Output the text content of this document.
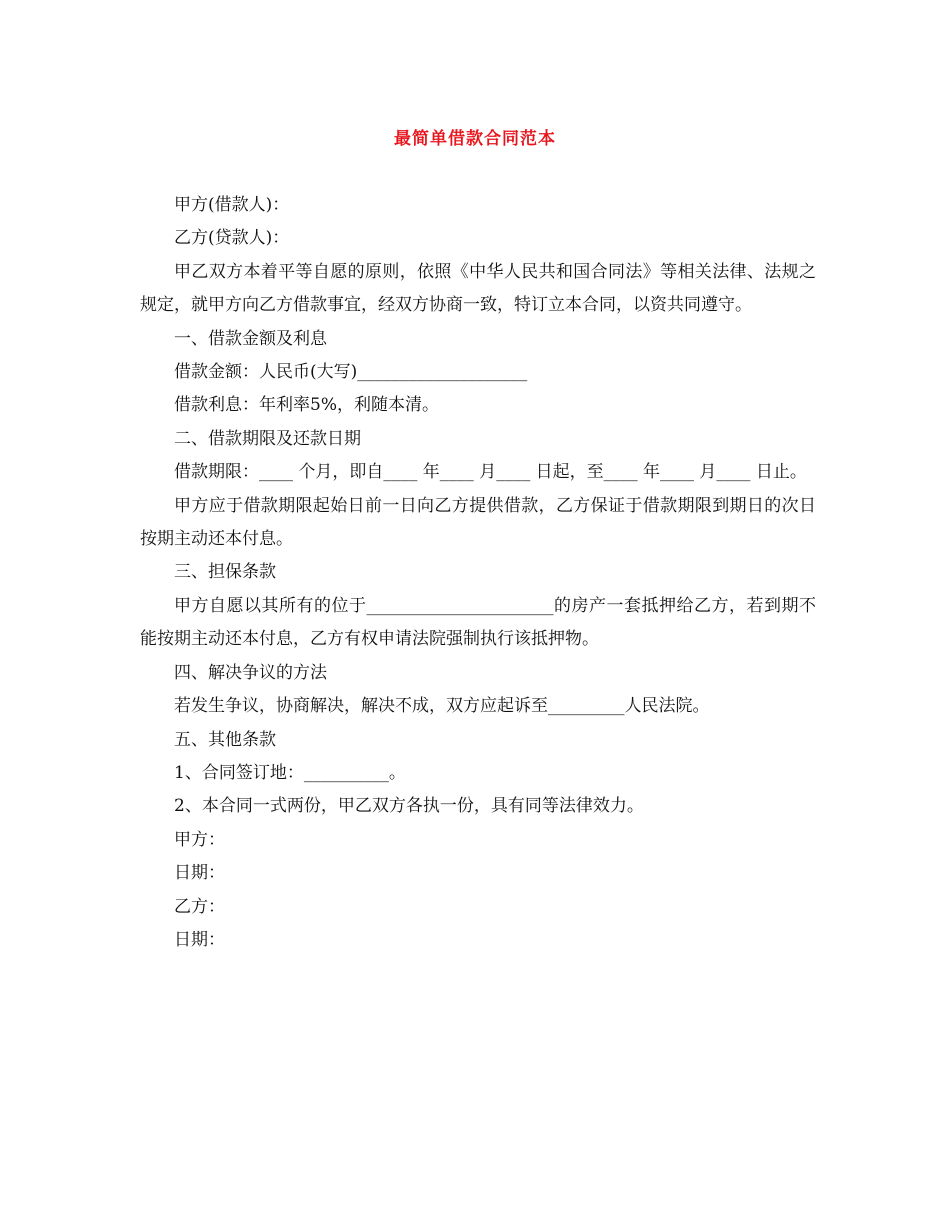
最简单借款合同范本

甲方(借款人)：

乙方(贷款人)：

甲乙双方本着平等自愿的原则，依照《中华人民共和国合同法》等相关法律、法规之规定，就甲方向乙方借款事宜，经双方协商一致，特订立本合同，以资共同遵守。

一、借款金额及利息

借款金额：人民币(大写)____________________

借款利息：年利率5%，利随本清。

二、借款期限及还款日期

借款期限：____ 个月，即自____ 年____ 月____ 日起，至____ 年____ 月____ 日止。

甲方应于借款期限起始日前一日向乙方提供借款，乙方保证于借款期限到期日的次日按期主动还本付息。

三、担保条款

甲方自愿以其所有的位于______________________的房产一套抵押给乙方，若到期不能按期主动还本付息，乙方有权申请法院强制执行该抵押物。

四、解决争议的方法

若发生争议，协商解决，解决不成，双方应起诉至_________人民法院。

五、其他条款

1、合同签订地：__________。

2、本合同一式两份，甲乙双方各执一份，具有同等法律效力。

甲方：

日期：

乙方：

日期：
